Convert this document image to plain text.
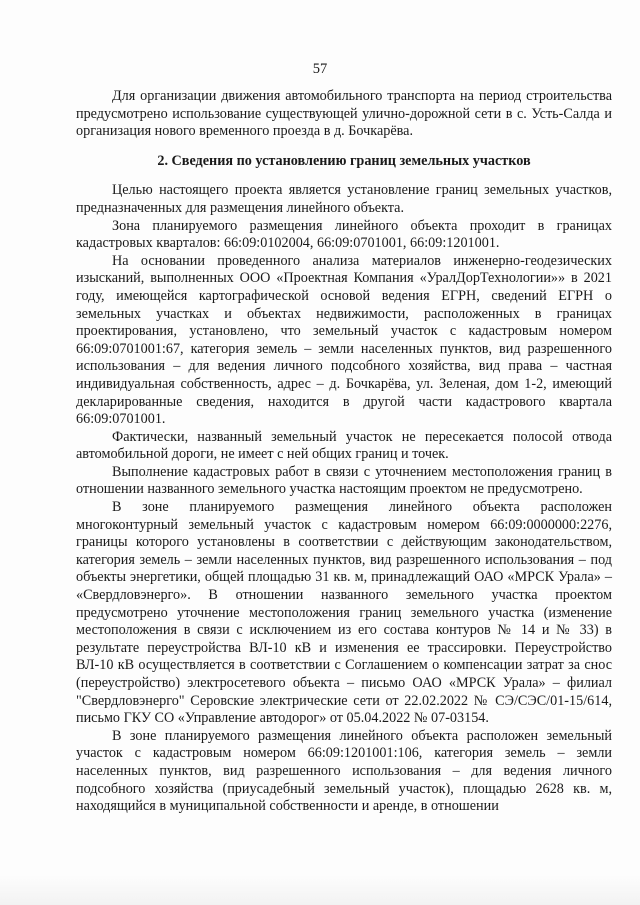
57

Для организации движения автомобильного транспорта на период строительства предусмотрено использование существующей улично-дорожной сети в с. Усть-Салда и организация нового временного проезда в д. Бочкарёва.

2. Сведения по установлению границ земельных участков

Целью настоящего проекта является установление границ земельных участков, предназначенных для размещения линейного объекта.

Зона планируемого размещения линейного объекта проходит в границах кадастровых кварталов: 66:09:0102004, 66:09:0701001, 66:09:1201001.

На основании проведенного анализа материалов инженерно-геодезических изысканий, выполненных ООО «Проектная Компания «УралДорТехнологии»» в 2021 году, имеющейся картографической основой ведения ЕГРН, сведений ЕГРН о земельных участках и объектах недвижимости, расположенных в границах проектирования, установлено, что земельный участок с кадастровым номером 66:09:0701001:67, категория земель – земли населенных пунктов, вид разрешенного использования – для ведения личного подсобного хозяйства, вид права – частная индивидуальная собственность, адрес – д. Бочкарёва, ул. Зеленая, дом 1-2, имеющий декларированные сведения, находится в другой части кадастрового квартала 66:09:0701001.

Фактически, названный земельный участок не пересекается полосой отвода автомобильной дороги, не имеет с ней общих границ и точек.

Выполнение кадастровых работ в связи с уточнением местоположения границ в отношении названного земельного участка настоящим проектом не предусмотрено.

В зоне планируемого размещения линейного объекта расположен многоконтурный земельный участок с кадастровым номером 66:09:0000000:2276, границы которого установлены в соответствии с действующим законодательством, категория земель – земли населенных пунктов, вид разрешенного использования – под объекты энергетики, общей площадью 31 кв. м, принадлежащий ОАО «МРСК Урала» – «Свердловэнерго». В отношении названного земельного участка проектом предусмотрено уточнение местоположения границ земельного участка (изменение местоположения в связи с исключением из его состава контуров № 14 и № 33) в результате переустройства ВЛ-10 кВ и изменения ее трассировки. Переустройство ВЛ-10 кВ осуществляется в соответствии с Соглашением о компенсации затрат за снос (переустройство) электросетевого объекта – письмо ОАО «МРСК Урала» – филиал "Свердловэнерго" Серовские электрические сети от 22.02.2022 № СЭ/СЭС/01-15/614, письмо ГКУ СО «Управление автодорог» от 05.04.2022 № 07-03154.

В зоне планируемого размещения линейного объекта расположен земельный участок с кадастровым номером 66:09:1201001:106, категория земель – земли населенных пунктов, вид разрешенного использования – для ведения личного подсобного хозяйства (приусадебный земельный участок), площадью 2628 кв. м, находящийся в муниципальной собственности и аренде, в отношении
